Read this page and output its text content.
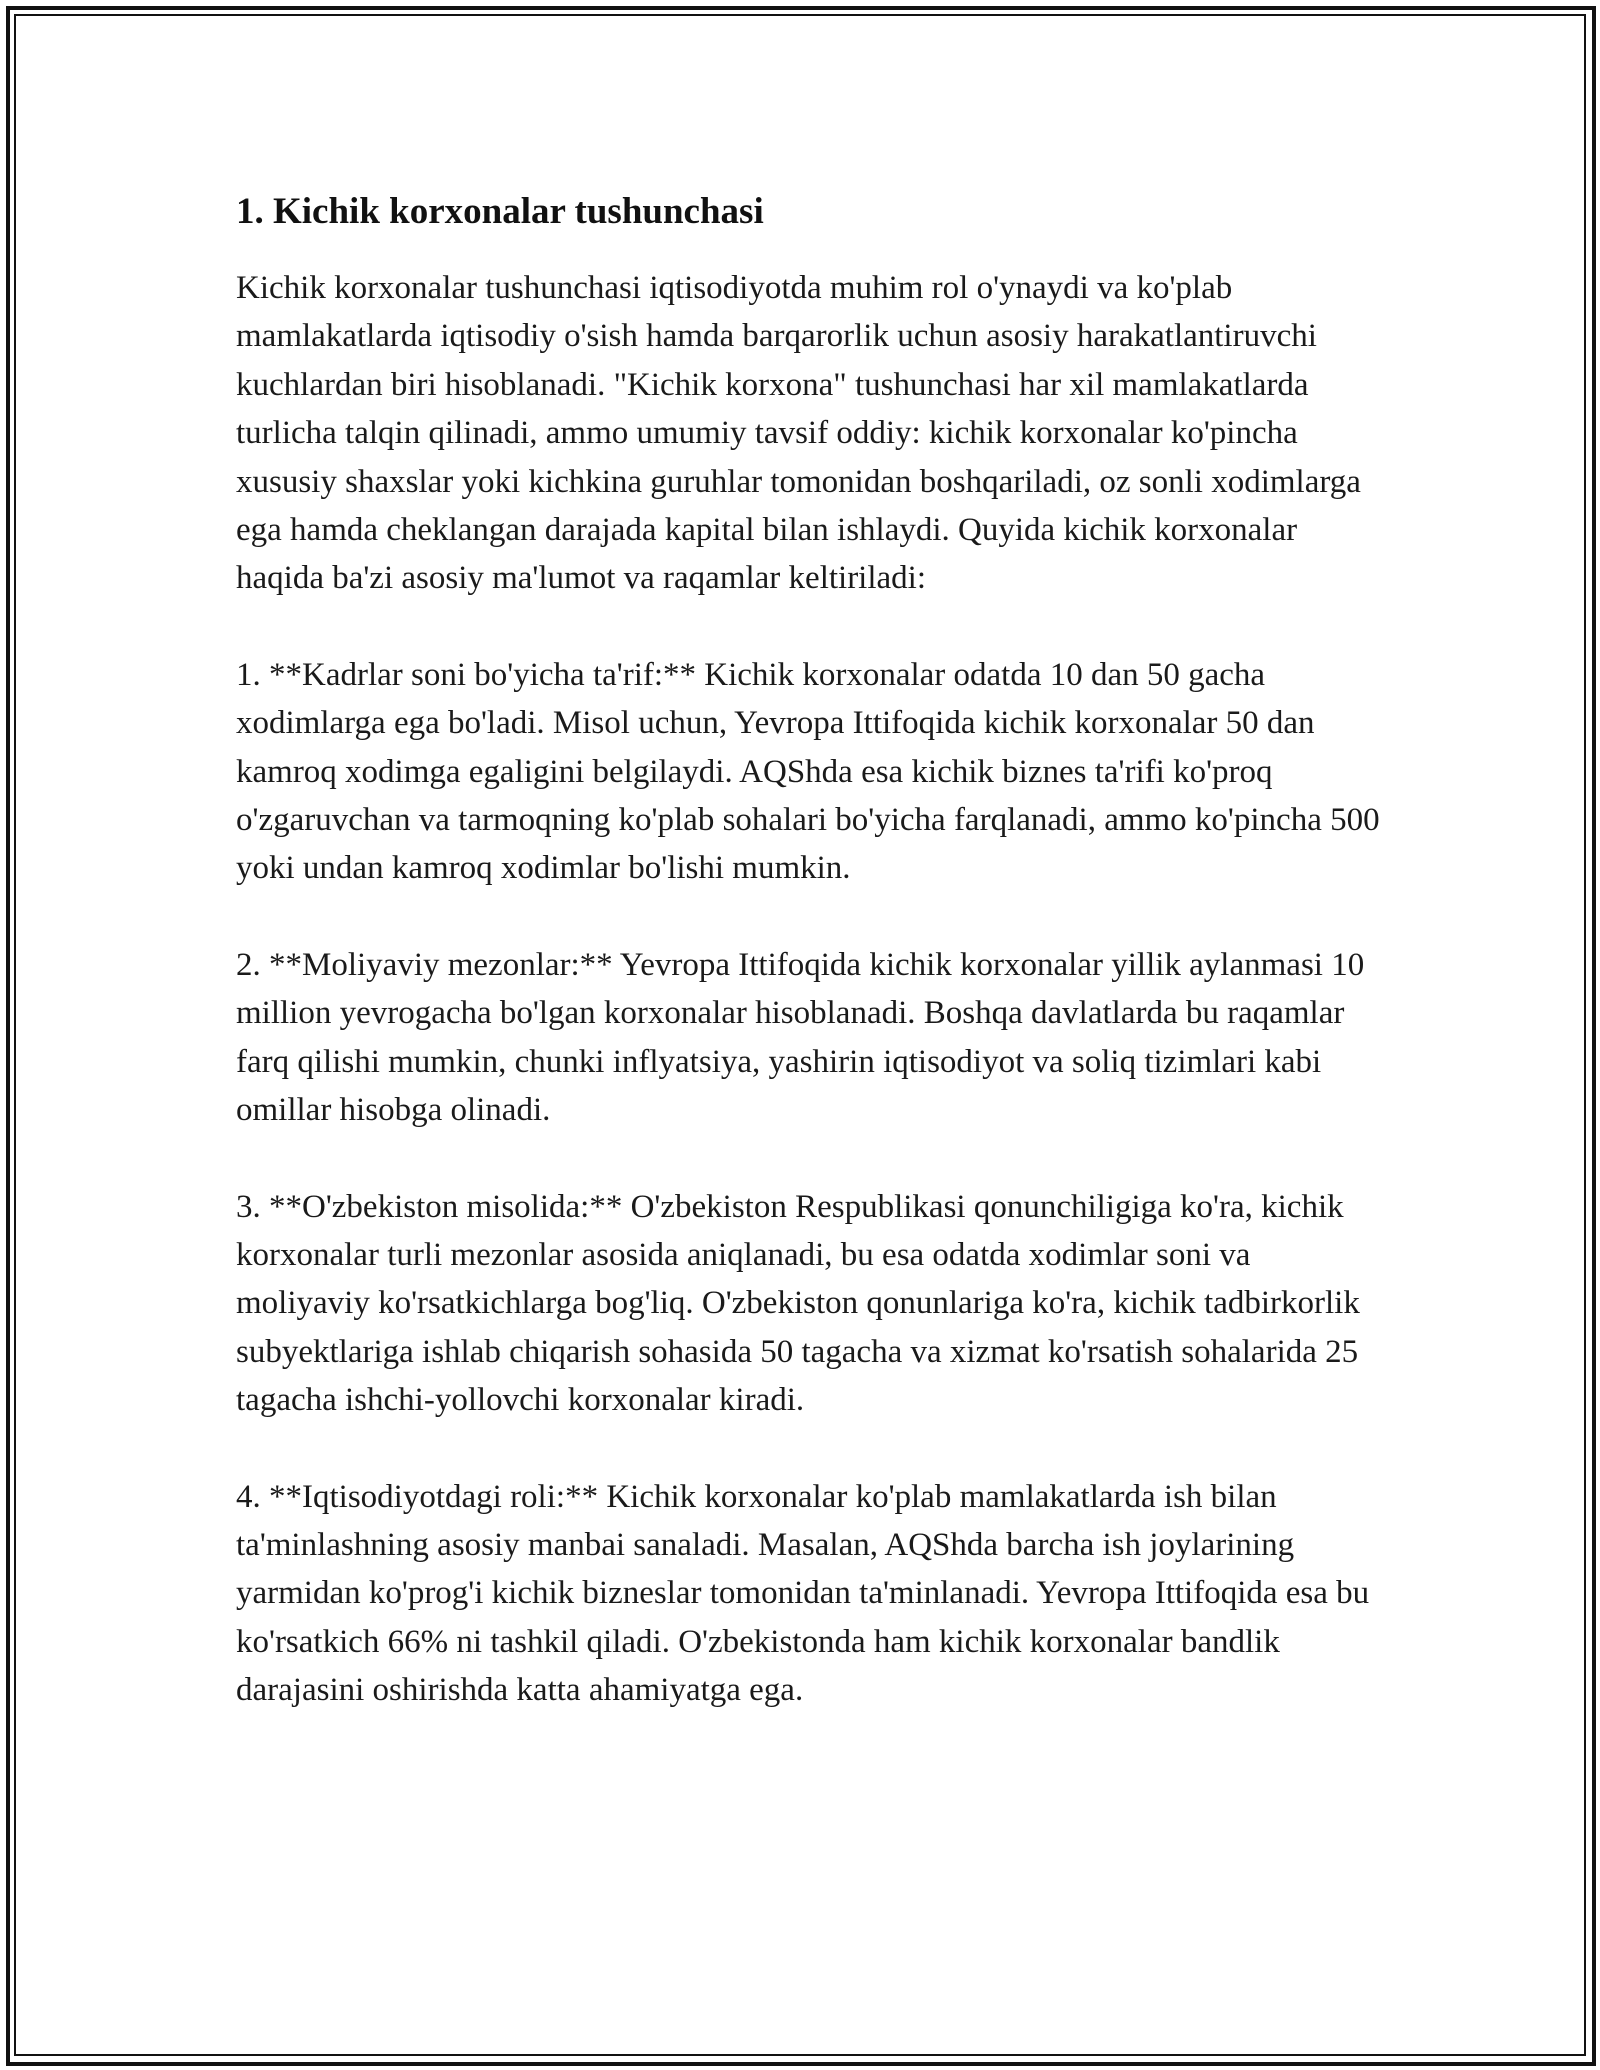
1. Kichik korxonalar tushunchasi

Kichik korxonalar tushunchasi iqtisodiyotda muhim rol o'ynaydi va ko'plab mamlakatlarda iqtisodiy o'sish hamda barqarorlik uchun asosiy harakatlantiruvchi kuchlardan biri hisoblanadi. "Kichik korxona" tushunchasi har xil mamlakatlarda turlicha talqin qilinadi, ammo umumiy tavsif oddiy: kichik korxonalar ko'pincha xususiy shaxslar yoki kichkina guruhlar tomonidan boshqariladi, oz sonli xodimlarga ega hamda cheklangan darajada kapital bilan ishlaydi. Quyida kichik korxonalar haqida ba'zi asosiy ma'lumot va raqamlar keltiriladi:

1. **Kadrlar soni bo'yicha ta'rif:** Kichik korxonalar odatda 10 dan 50 gacha xodimlarga ega bo'ladi. Misol uchun, Yevropa Ittifoqida kichik korxonalar 50 dan kamroq xodimga egaligini belgilaydi. AQShda esa kichik biznes ta'rifi ko'proq o'zgaruvchan va tarmoqning ko'plab sohalari bo'yicha farqlanadi, ammo ko'pincha 500 yoki undan kamroq xodimlar bo'lishi mumkin.

2. **Moliyaviy mezonlar:** Yevropa Ittifoqida kichik korxonalar yillik aylanmasi 10 million yevrogacha bo'lgan korxonalar hisoblanadi. Boshqa davlatlarda bu raqamlar farq qilishi mumkin, chunki inflyatsiya, yashirin iqtisodiyot va soliq tizimlari kabi omillar hisobga olinadi.

3. **O'zbekiston misolida:** O'zbekiston Respublikasi qonunchiligiga ko'ra, kichik korxonalar turli mezonlar asosida aniqlanadi, bu esa odatda xodimlar soni va moliyaviy ko'rsatkichlarga bog'liq. O'zbekiston qonunlariga ko'ra, kichik tadbirkorlik subyektlariga ishlab chiqarish sohasida 50 tagacha va xizmat ko'rsatish sohalarida 25 tagacha ishchi-yollovchi korxonalar kiradi.

4. **Iqtisodiyotdagi roli:** Kichik korxonalar ko'plab mamlakatlarda ish bilan ta'minlashning asosiy manbai sanaladi. Masalan, AQShda barcha ish joylarining yarmidan ko'prog'i kichik bizneslar tomonidan ta'minlanadi. Yevropa Ittifoqida esa bu ko'rsatkich 66% ni tashkil qiladi. O'zbekistonda ham kichik korxonalar bandlik darajasini oshirishda katta ahamiyatga ega.
